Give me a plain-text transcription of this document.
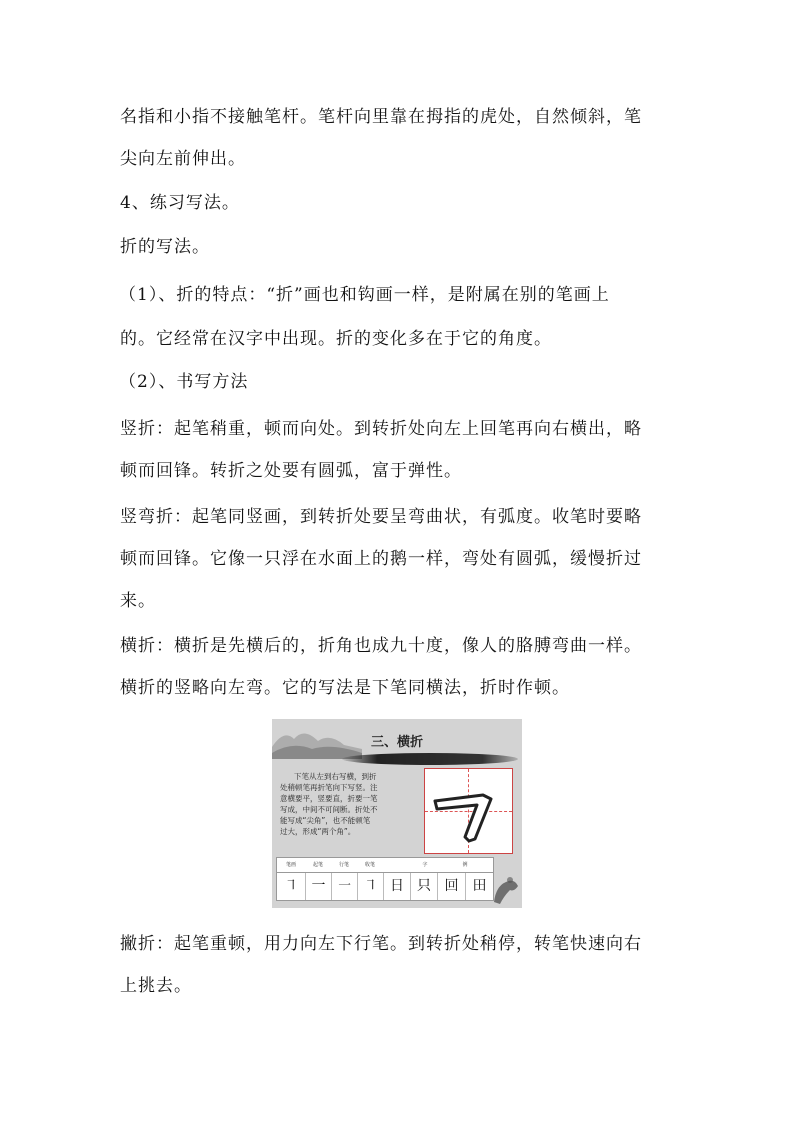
名指和小指不接触笔杆。笔杆向里靠在拇指的虎处，自然倾斜，笔
尖向左前伸出。
4、练习写法。
折的写法。
（1）、折的特点：“折”画也和钩画一样，是附属在别的笔画上
的。它经常在汉字中出现。折的变化多在于它的角度。
（2）、书写方法
竖折：起笔稍重，顿而向处。到转折处向左上回笔再向右横出，略
顿而回锋。转折之处要有圆弧，富于弹性。
竖弯折：起笔同竖画，到转折处要呈弯曲状，有弧度。收笔时要略
顿而回锋。它像一只浮在水面上的鹅一样，弯处有圆弧，缓慢折过
来。
横折：横折是先横后的，折角也成九十度，像人的胳膊弯曲一样。
横折的竖略向左弯。它的写法是下笔同横法，折时作顿。
三、横折
下笔从左到右写横，到折
处稍顿笔再折笔向下写竖。注
意横要平，竖要直，折要一笔
写成，中间不可间断。折处不
能写成“尖角”，也不能顿笔
过大，形成“两个角”。
笔画	起笔	行笔	收笔	字	例
㇕ 一 ㇐ ㇕ 日 只 回	田
撇折：起笔重顿，用力向左下行笔。到转折处稍停，转笔快速向右
上挑去。
